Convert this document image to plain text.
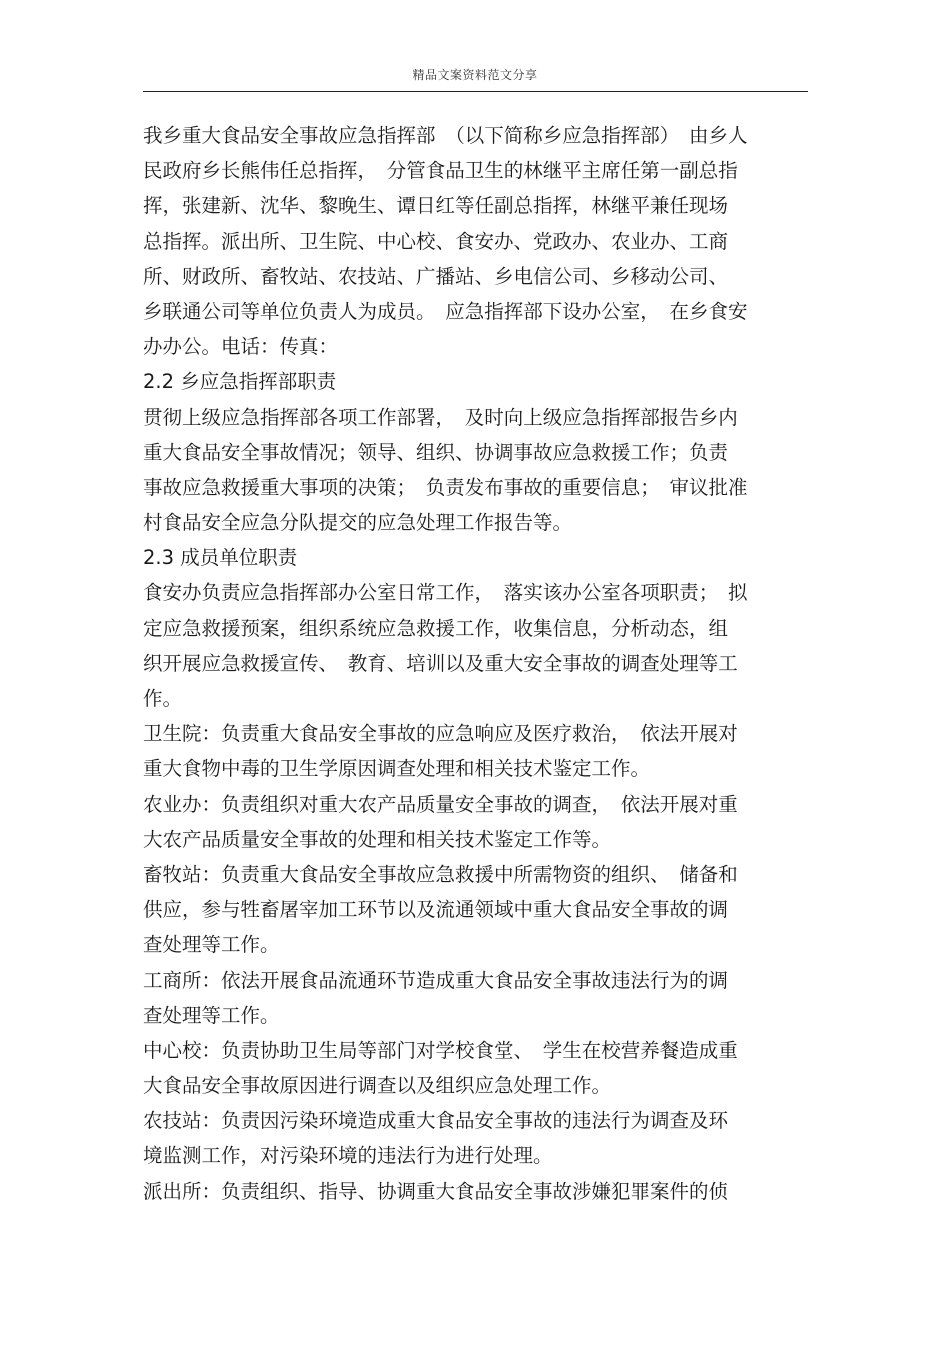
精品文案资料范文分享
我乡重大食品安全事故应急指挥部　（以下简称乡应急指挥部）　由乡人
民政府乡长熊伟任总指挥，　分管食品卫生的林继平主席任第一副总指
挥，张建新、沈华、黎晚生、谭日红等任副总指挥，林继平兼任现场
总指挥。派出所、卫生院、中心校、食安办、党政办、农业办、工商
所、财政所、畜牧站、农技站、广播站、乡电信公司、乡移动公司、
乡联通公司等单位负责人为成员。　应急指挥部下设办公室，　在乡食安
办办公。电话：传真：
2.2 乡应急指挥部职责
贯彻上级应急指挥部各项工作部署，　及时向上级应急指挥部报告乡内
重大食品安全事故情况；领导、组织、协调事故应急救援工作；负责
事故应急救援重大事项的决策；　负责发布事故的重要信息；　审议批准
村食品安全应急分队提交的应急处理工作报告等。
2.3 成员单位职责
食安办负责应急指挥部办公室日常工作，　落实该办公室各项职责；　拟
定应急救援预案，组织系统应急救援工作，收集信息，分析动态，组
织开展应急救援宣传、　教育、培训以及重大安全事故的调查处理等工
作。
卫生院：负责重大食品安全事故的应急响应及医疗救治，　依法开展对
重大食物中毒的卫生学原因调查处理和相关技术鉴定工作。
农业办：负责组织对重大农产品质量安全事故的调查，　依法开展对重
大农产品质量安全事故的处理和相关技术鉴定工作等。
畜牧站：负责重大食品安全事故应急救援中所需物资的组织、　储备和
供应，参与牲畜屠宰加工环节以及流通领域中重大食品安全事故的调
查处理等工作。
工商所：依法开展食品流通环节造成重大食品安全事故违法行为的调
查处理等工作。
中心校：负责协助卫生局等部门对学校食堂、　学生在校营养餐造成重
大食品安全事故原因进行调查以及组织应急处理工作。
农技站：负责因污染环境造成重大食品安全事故的违法行为调查及环
境监测工作，对污染环境的违法行为进行处理。
派出所：负责组织、指导、协调重大食品安全事故涉嫌犯罪案件的侦
